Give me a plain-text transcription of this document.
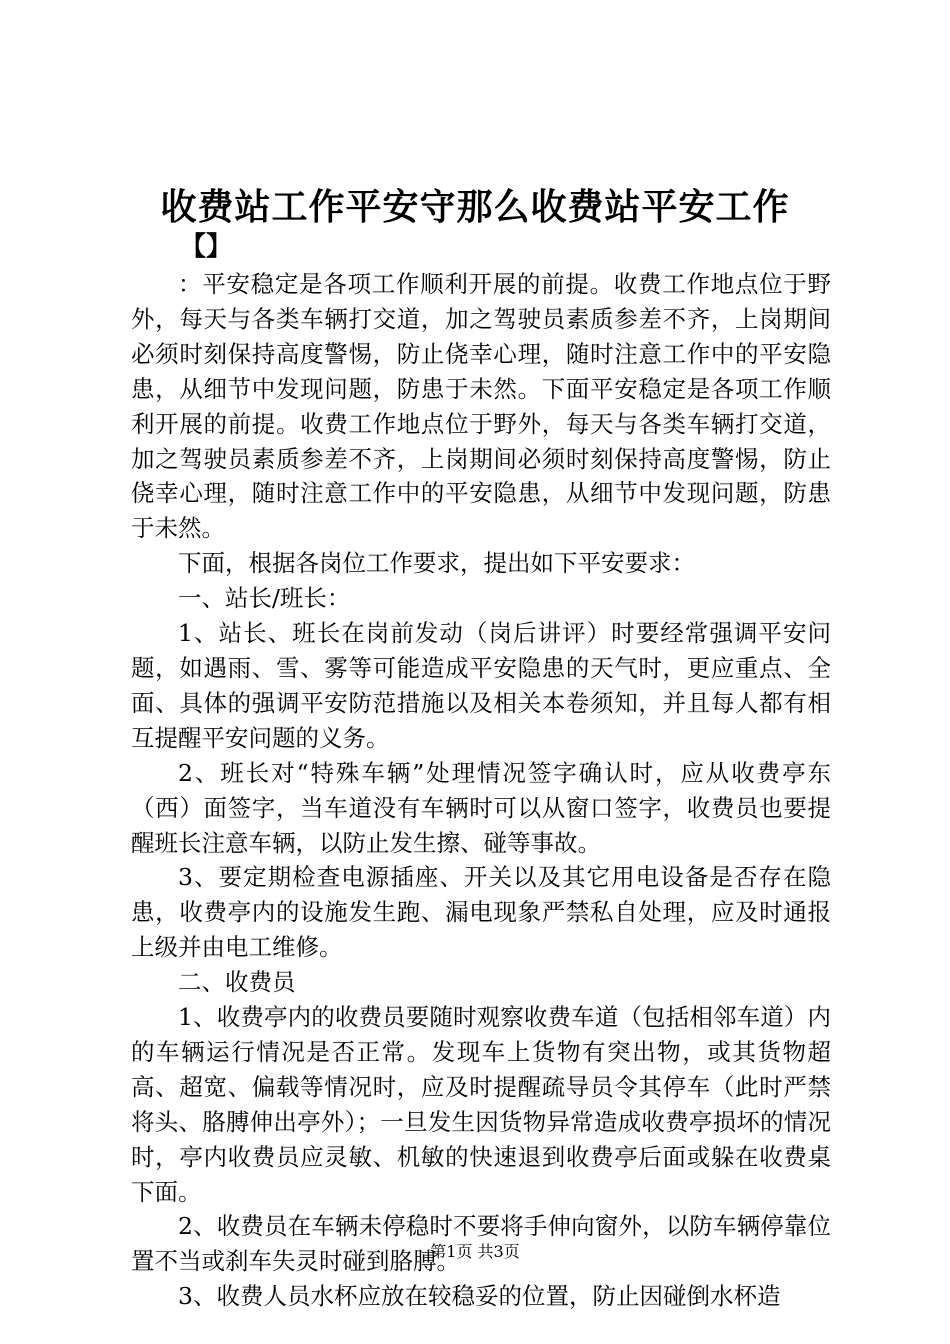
收费站工作平安守那么收费站平安工作
【】

：平安稳定是各项工作顺利开展的前提。收费工作地点位于野外，每天与各类车辆打交道，加之驾驶员素质参差不齐，上岗期间必须时刻保持高度警惕，防止侥幸心理，随时注意工作中的平安隐患，从细节中发现问题，防患于未然。下面平安稳定是各项工作顺利开展的前提。收费工作地点位于野外，每天与各类车辆打交道，加之驾驶员素质参差不齐，上岗期间必须时刻保持高度警惕，防止侥幸心理，随时注意工作中的平安隐患，从细节中发现问题，防患于未然。

下面，根据各岗位工作要求，提出如下平安要求：

一、站长/班长：

1、站长、班长在岗前发动（岗后讲评）时要经常强调平安问题，如遇雨、雪、雾等可能造成平安隐患的天气时，更应重点、全面、具体的强调平安防范措施以及相关本卷须知，并且每人都有相互提醒平安问题的义务。

2、班长对“特殊车辆”处理情况签字确认时，应从收费亭东（西）面签字，当车道没有车辆时可以从窗口签字，收费员也要提醒班长注意车辆，以防止发生擦、碰等事故。

3、要定期检查电源插座、开关以及其它用电设备是否存在隐患，收费亭内的设施发生跑、漏电现象严禁私自处理，应及时通报上级并由电工维修。

二、收费员

1、收费亭内的收费员要随时观察收费车道（包括相邻车道）内的车辆运行情况是否正常。发现车上货物有突出物，或其货物超高、超宽、偏载等情况时，应及时提醒疏导员令其停车（此时严禁将头、胳膊伸出亭外）；一旦发生因货物异常造成收费亭损坏的情况时，亭内收费员应灵敏、机敏的快速退到收费亭后面或躲在收费桌下面。

2、收费员在车辆未停稳时不要将手伸向窗外，以防车辆停靠位置不当或刹车失灵时碰到胳膊。

3、收费人员水杯应放在较稳妥的位置，防止因碰倒水杯造

第1页 共3页
